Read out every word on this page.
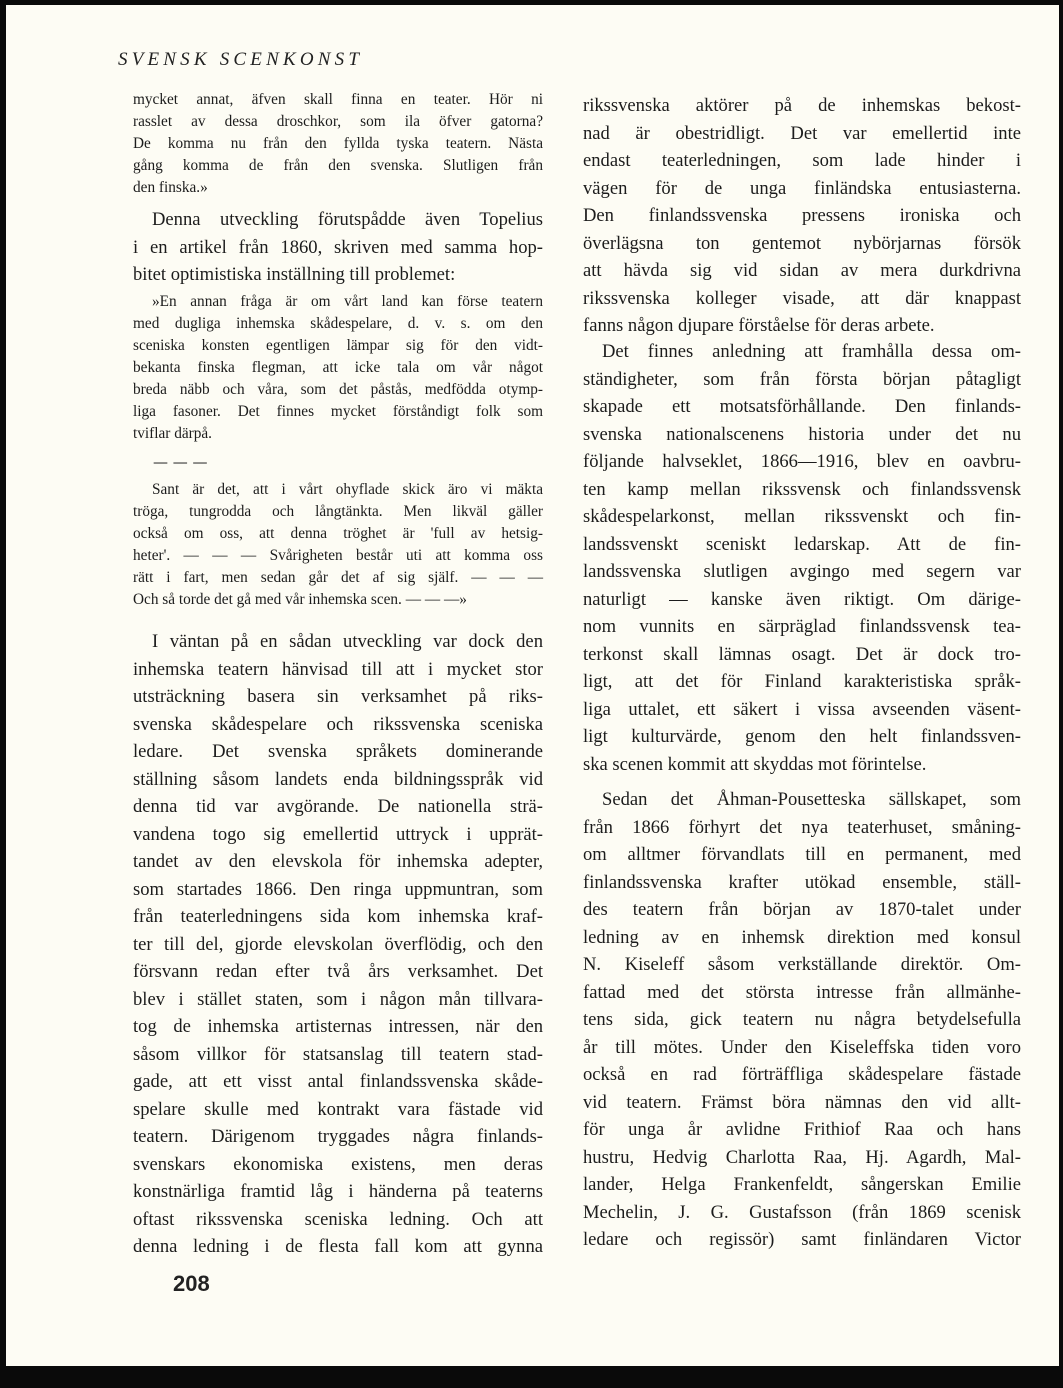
SVENSK SCENKONST
mycket annat, äfven skall finna en teater. Hör ni
rasslet av dessa droschkor, som ila öfver gatorna?
De komma nu från den fyllda tyska teatern. Nästa
gång komma de från den svenska. Slutligen från
den finska.»
Denna utveckling förutspådde även Topelius
i en artikel från 1860, skriven med samma hop-
bitet optimistiska inställning till problemet:
»En annan fråga är om vårt land kan förse teatern
med dugliga inhemska skådespelare, d. v. s. om den
sceniska konsten egentligen lämpar sig för den vidt-
bekanta finska flegman, att icke tala om vår något
breda näbb och våra, som det påstås, medfödda otymp-
liga fasoner. Det finnes mycket förståndigt folk som
tviflar därpå.
— — —
Sant är det, att i vårt ohyflade skick äro vi mäkta
tröga, tungrodda och långtänkta. Men likväl gäller
också om oss, att denna tröghet är 'full av hetsig-
heter'. — — — Svårigheten består uti att komma oss
rätt i fart, men sedan går det af sig själf. — — —
Och så torde det gå med vår inhemska scen. — — —»
I väntan på en sådan utveckling var dock den
inhemska teatern hänvisad till att i mycket stor
utsträckning basera sin verksamhet på riks-
svenska skådespelare och rikssvenska sceniska
ledare. Det svenska språkets dominerande
ställning såsom landets enda bildningsspråk vid
denna tid var avgörande. De nationella strä-
vandena togo sig emellertid uttryck i upprät-
tandet av den elevskola för inhemska adepter,
som startades 1866. Den ringa uppmuntran, som
från teaterledningens sida kom inhemska kraf-
ter till del, gjorde elevskolan överflödig, och den
försvann redan efter två års verksamhet. Det
blev i stället staten, som i någon mån tillvara-
tog de inhemska artisternas intressen, när den
såsom villkor för statsanslag till teatern stad-
gade, att ett visst antal finlandssvenska skåde-
spelare skulle med kontrakt vara fästade vid
teatern. Därigenom tryggades några finlands-
svenskars ekonomiska existens, men deras
konstnärliga framtid låg i händerna på teaterns
oftast rikssvenska sceniska ledning. Och att
denna ledning i de flesta fall kom att gynna
rikssvenska aktörer på de inhemskas bekost-
nad är obestridligt. Det var emellertid inte
endast teaterledningen, som lade hinder i
vägen för de unga finländska entusiasterna.
Den finlandssvenska pressens ironiska och
överlägsna ton gentemot nybörjarnas försök
att hävda sig vid sidan av mera durkdrivna
rikssvenska kolleger visade, att där knappast
fanns någon djupare förståelse för deras arbete.
Det finnes anledning att framhålla dessa om-
ständigheter, som från första början påtagligt
skapade ett motsatsförhållande. Den finlands-
svenska nationalscenens historia under det nu
följande halvseklet, 1866—1916, blev en oavbru-
ten kamp mellan rikssvensk och finlandssvensk
skådespelarkonst, mellan rikssvenskt och fin-
landssvenskt sceniskt ledarskap. Att de fin-
landssvenska slutligen avgingo med segern var
naturligt — kanske även riktigt. Om därige-
nom vunnits en särpräglad finlandssvensk tea-
terkonst skall lämnas osagt. Det är dock tro-
ligt, att det för Finland karakteristiska språk-
liga uttalet, ett säkert i vissa avseenden väsent-
ligt kulturvärde, genom den helt finlandssven-
ska scenen kommit att skyddas mot förintelse.
Sedan det Åhman-Pousetteska sällskapet, som
från 1866 förhyrt det nya teaterhuset, småning-
om alltmer förvandlats till en permanent, med
finlandssvenska krafter utökad ensemble, ställ-
des teatern från början av 1870-talet under
ledning av en inhemsk direktion med konsul
N. Kiseleff såsom verkställande direktör. Om-
fattad med det största intresse från allmänhe-
tens sida, gick teatern nu några betydelsefulla
år till mötes. Under den Kiseleffska tiden voro
också en rad förträffliga skådespelare fästade
vid teatern. Främst böra nämnas den vid allt-
för unga år avlidne Frithiof Raa och hans
hustru, Hedvig Charlotta Raa, Hj. Agardh, Mal-
lander, Helga Frankenfeldt, sångerskan Emilie
Mechelin, J. G. Gustafsson (från 1869 scenisk
ledare och regissör) samt finländaren Victor
208
